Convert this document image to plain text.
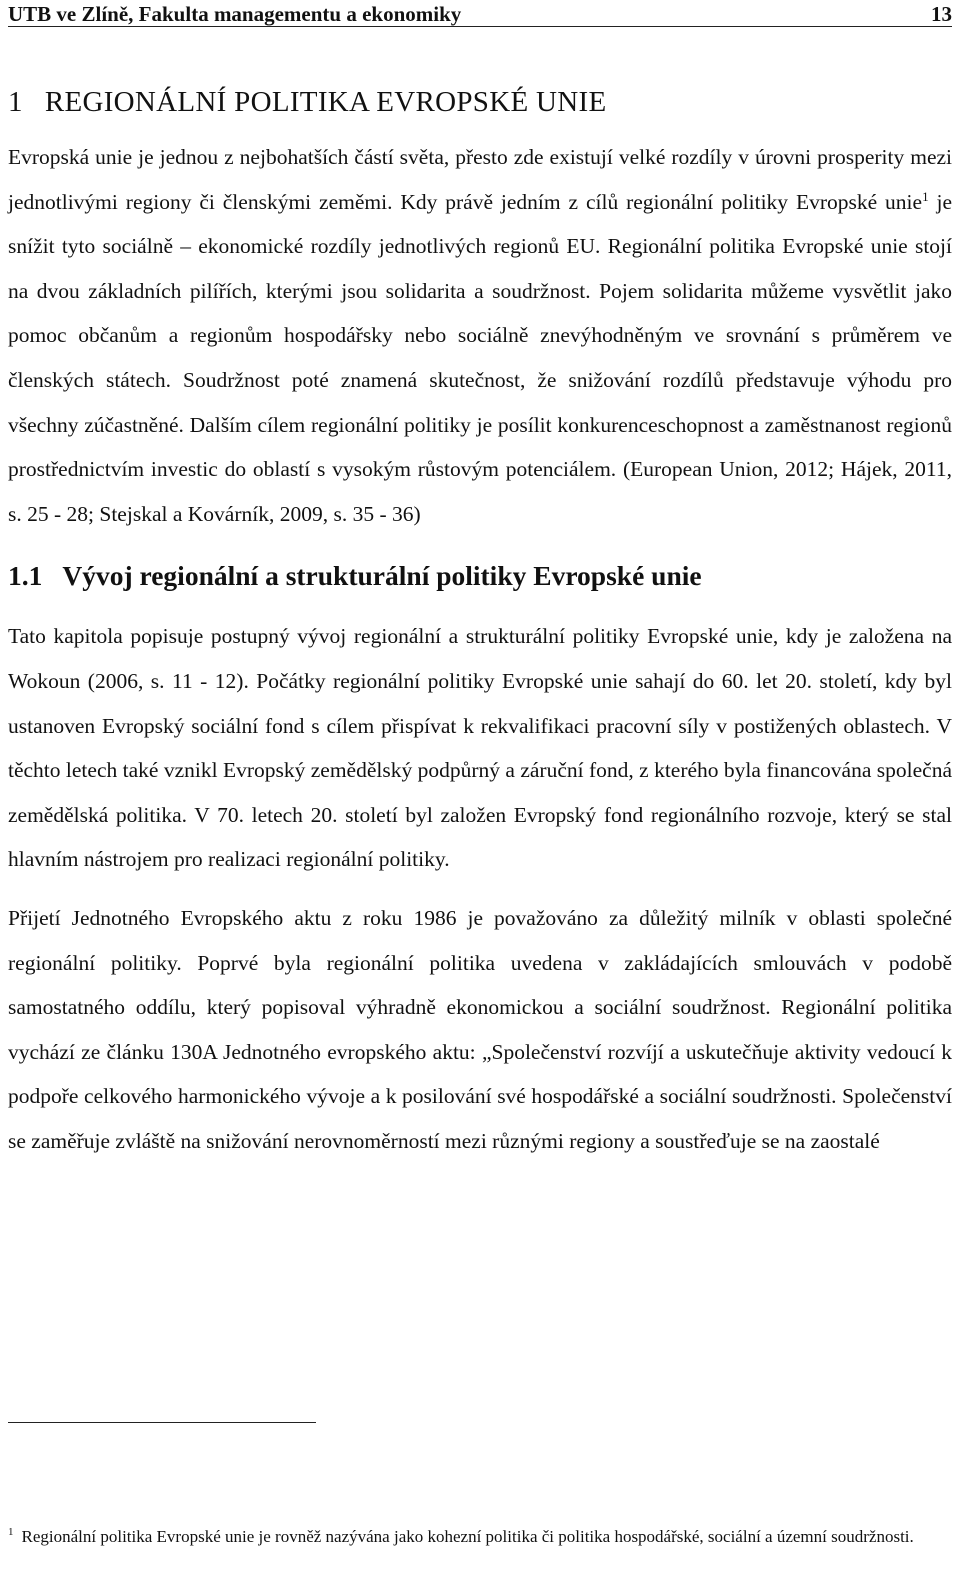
UTB ve Zlíně, Fakulta managementu a ekonomiky	13
1 REGIONÁLNÍ POLITIKA EVROPSKÉ UNIE

Evropská unie je jednou z nejbohatších částí světa, přesto zde existují velké rozdíly v úrovni prosperity mezi jednotlivými regiony či členskými zeměmi. Kdy právě jedním z cílů regionální politiky Evropské unie$^1$ je snížit tyto sociálně – ekonomické rozdíly jednotlivých regionů EU. Regionální politika Evropské unie stojí na dvou základních pilířích, kterými jsou solidarita a soudržnost. Pojem solidarita můžeme vysvětlit jako pomoc občanům a regionům hospodářsky nebo sociálně znevýhodněným ve srovnání s průměrem ve členských státech. Soudržnost poté znamená skutečnost, že snižování rozdílů představuje výhodu pro všechny zúčastněné. Dalším cílem regionální politiky je posílit konkurenceschopnost a zaměstnanost regionů prostřednictvím investic do oblastí s vysokým růstovým potenciálem. (European Union, 2012; Hájek, 2011, s. 25 - 28; Stejskal a Kovárník, 2009, s. 35 - 36)

1.1 Vývoj regionální a strukturální politiky Evropské unie

Tato kapitola popisuje postupný vývoj regionální a strukturální politiky Evropské unie, kdy je založena na Wokoun (2006, s. 11 - 12). Počátky regionální politiky Evropské unie sahají do 60. let 20. století, kdy byl ustanoven Evropský sociální fond s cílem přispívat k rekvalifikaci pracovní síly v postižených oblastech. V těchto letech také vznikl Evropský zemědělský podpůrný a záruční fond, z kterého byla financována společná zemědělská politika. V 70. letech 20. století byl založen Evropský fond regionálního rozvoje, který se stal hlavním nástrojem pro realizaci regionální politiky.

Přijetí Jednotného Evropského aktu z roku 1986 je považováno za důležitý milník v oblasti společné regionální politiky. Poprvé byla regionální politika uvedena v zakládajících smlouvách v podobě samostatného oddílu, který popisoval výhradně ekonomickou a sociální soudržnost. Regionální politika vychází ze článku 130A Jednotného evropského aktu: „Společenství rozvíjí a uskutečňuje aktivity vedoucí k podpoře celkového harmonického vývoje a k posilování své hospodářské a sociální soudržnosti. Společenství se zaměřuje zvláště na snižování nerovnoměrností mezi různými regiony a soustřeďuje se na zaostalé

$^1$ Regionální politika Evropské unie je rovněž nazývána jako kohezní politika či politika hospodářské, sociální a územní soudržnosti.
